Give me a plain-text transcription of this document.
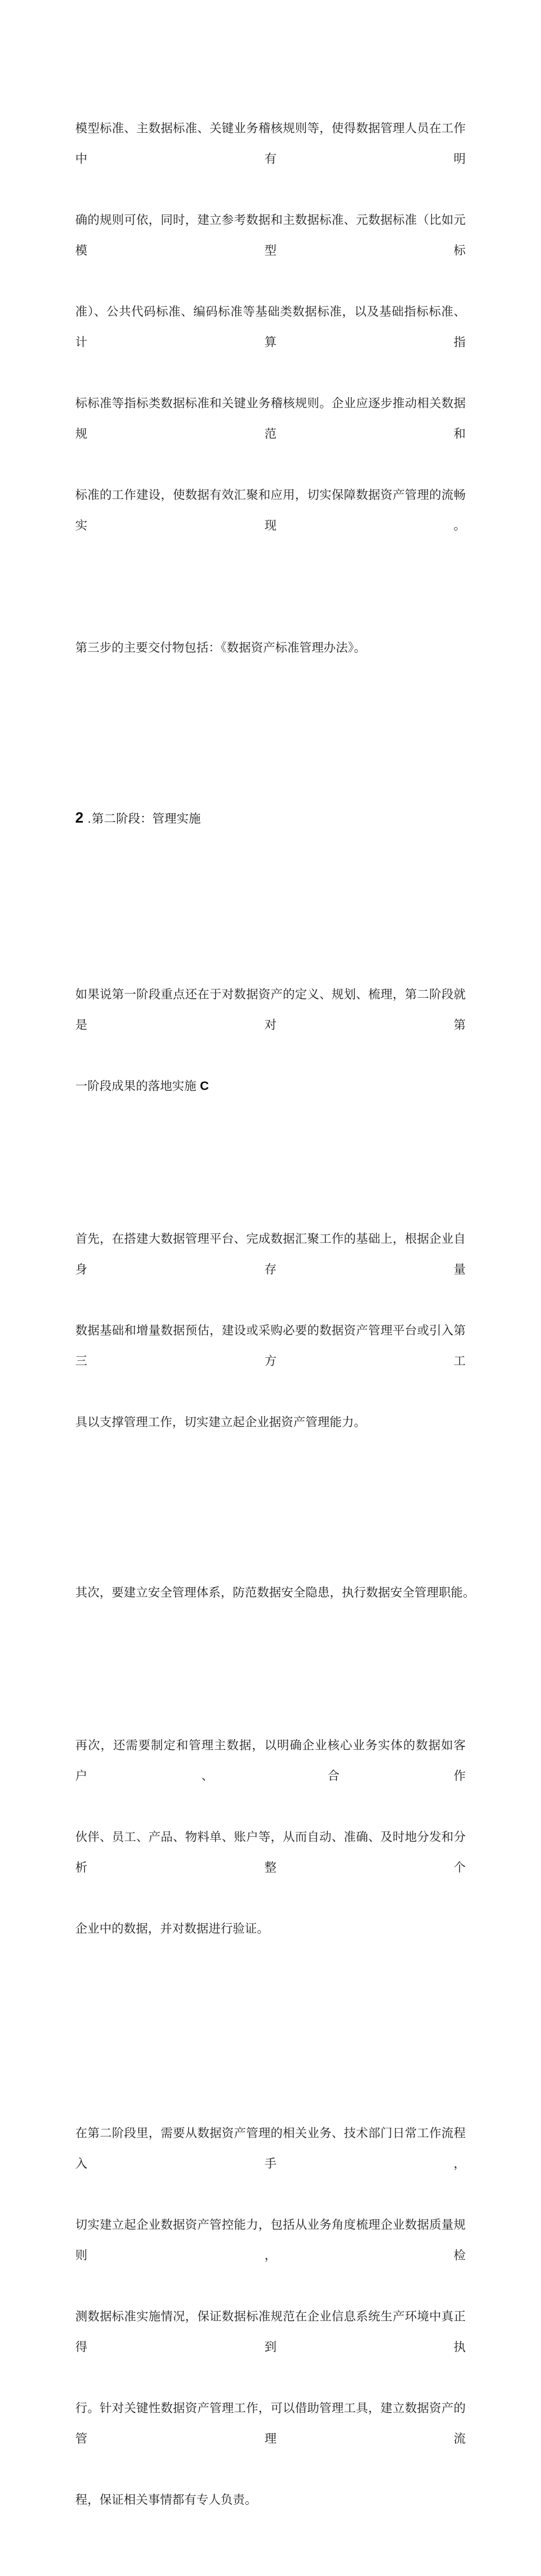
模型标准、主数据标准、关键业务稽核规则等，使得数据管理人员在工作中有明

确的规则可依，同时，建立参考数据和主数据标准、元数据标准（比如元模型标

准）、公共代码标准、编码标准等基础类数据标准，以及基础指标标准、计算指

标标准等指标类数据标准和关键业务稽核规则。企业应逐步推动相关数据规范和

标准的工作建设，使数据有效汇聚和应用，切实保障数据资产管理的流畅实现。

第三步的主要交付物包括：《数据资产标准管理办法》。

2 .第二阶段：管理实施

如果说第一阶段重点还在于对数据资产的定义、规划、梳理，第二阶段就是对第

一阶段成果的落地实施 C

首先，在搭建大数据管理平台、完成数据汇聚工作的基础上，根据企业自身存量

数据基础和增量数据预估，建设或采购必要的数据资产管理平台或引入第三方工

具以支撑管理工作，切实建立起企业据资产管理能力。

其次，要建立安全管理体系，防范数据安全隐患，执行数据安全管理职能。

再次，还需要制定和管理主数据，以明确企业核心业务实体的数据如客户、合作

伙伴、员工、产品、物料单、账户等，从而自动、准确、及时地分发和分析整个

企业中的数据，并对数据进行验证。

在第二阶段里，需要从数据资产管理的相关业务、技术部门日常工作流程入手，

切实建立起企业数据资产管控能力，包括从业务角度梳理企业数据质量规则，检

测数据标准实施情况，保证数据标准规范在企业信息系统生产环境中真正得到执

行。针对关键性数据资产管理工作，可以借助管理工具，建立数据资产的管理流

程，保证相关事情都有专人负责。
